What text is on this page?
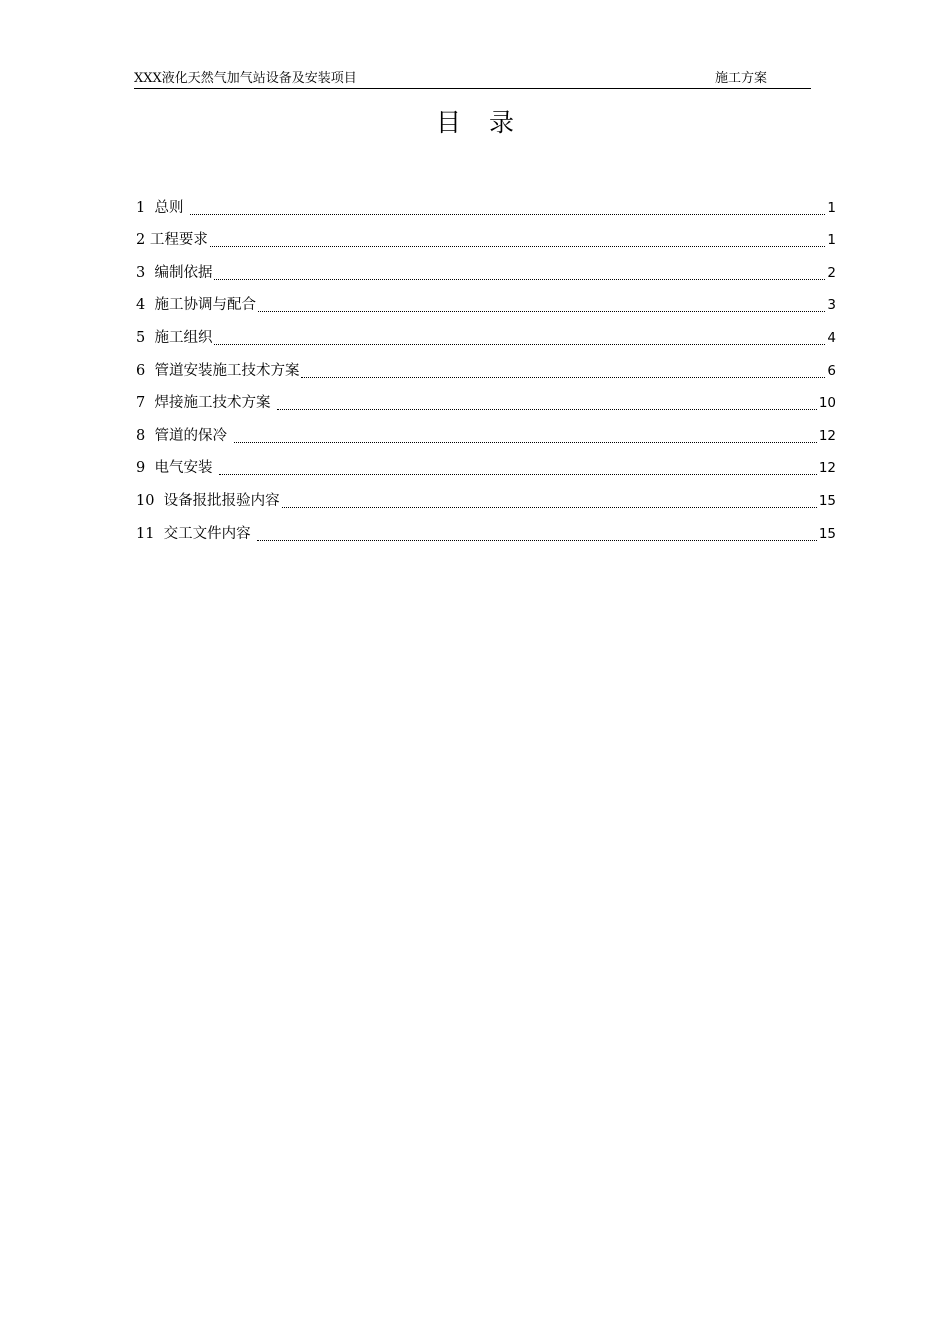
XXX液化天然气加气站设备及安装项目	施工方案
目录
1  总则	1
2 工程要求	1
3  编制依据	2
4  施工协调与配合	3
5  施工组织	4
6  管道安装施工技术方案	6
7  焊接施工技术方案	10
8  管道的保冷	12
9  电气安装	12
10  设备报批报验内容	15
11  交工文件内容	15
